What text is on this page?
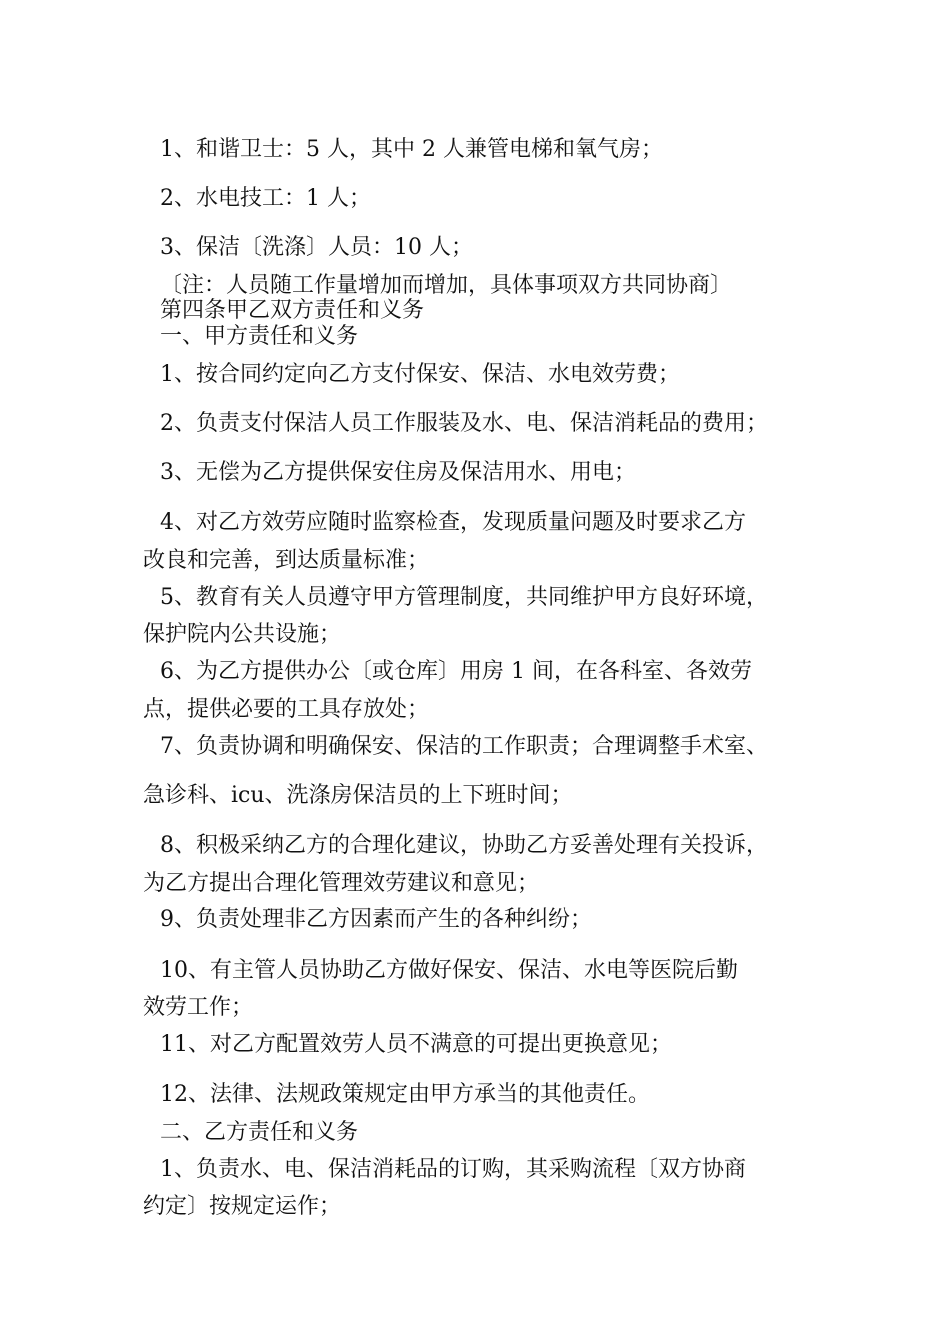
1、和谐卫士：5 人，其中 2 人兼管电梯和氧气房；

2、水电技工：1 人；

3、保洁〔洗涤〕人员：10 人；

〔注：人员随工作量增加而增加，具体事项双方共同协商〕

第四条甲乙双方责任和义务

一、甲方责任和义务

1、按合同约定向乙方支付保安、保洁、水电效劳费；

2、负责支付保洁人员工作服装及水、电、保洁消耗品的费用；

3、无偿为乙方提供保安住房及保洁用水、用电；

4、对乙方效劳应随时监察检查，发现质量问题及时要求乙方

改良和完善，到达质量标准；

5、教育有关人员遵守甲方管理制度，共同维护甲方良好环境，

保护院内公共设施；

6、为乙方提供办公〔或仓库〕用房 1 间，在各科室、各效劳

点，提供必要的工具存放处；

7、负责协调和明确保安、保洁的工作职责；合理调整手术室、

急诊科、icu、洗涤房保洁员的上下班时间；

8、积极采纳乙方的合理化建议，协助乙方妥善处理有关投诉，

为乙方提出合理化管理效劳建议和意见；

9、负责处理非乙方因素而产生的各种纠纷；

10、有主管人员协助乙方做好保安、保洁、水电等医院后勤

效劳工作；

11、对乙方配置效劳人员不满意的可提出更换意见；

12、法律、法规政策规定由甲方承当的其他责任。

二、乙方责任和义务

1、负责水、电、保洁消耗品的订购，其采购流程〔双方协商

约定〕按规定运作；
